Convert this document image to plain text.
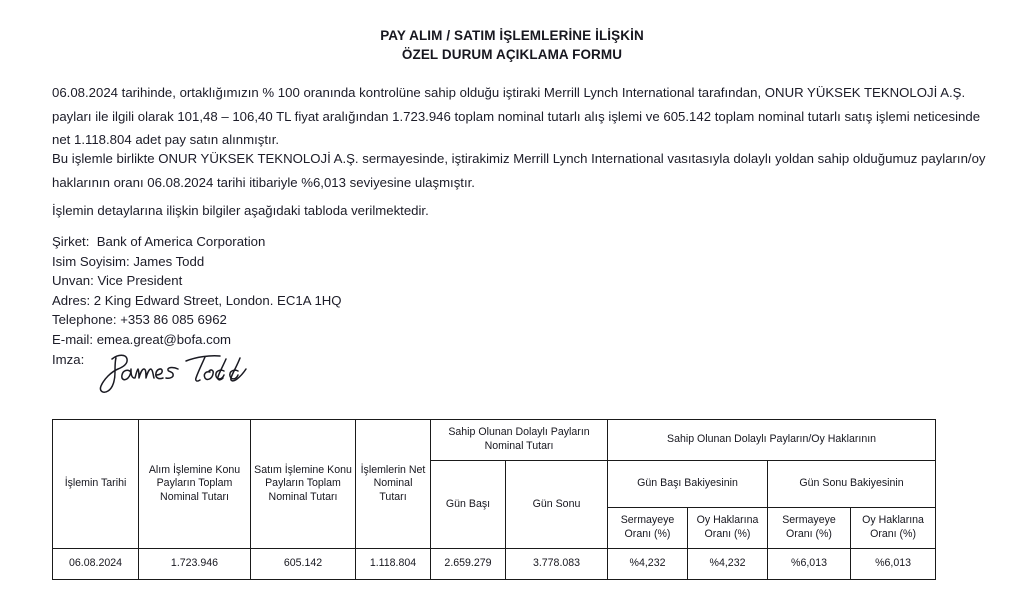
PAY ALIM / SATIM İŞLEMLERİNE İLİŞKİN
ÖZEL DURUM AÇIKLAMA FORMU
06.08.2024 tarihinde, ortaklığımızın % 100 oranında kontrolüne sahip olduğu iştiraki Merrill Lynch International tarafından, ONUR YÜKSEK TEKNOLOJİ A.Ş. payları ile ilgili olarak 101,48 – 106,40 TL fiyat aralığından 1.723.946 toplam nominal tutarlı alış işlemi ve 605.142 toplam nominal tutarlı satış işlemi neticesinde net 1.118.804 adet pay satın alınmıştır.
Bu işlemle birlikte ONUR YÜKSEK TEKNOLOJİ A.Ş. sermayesinde, iştirakimiz Merrill Lynch International vasıtasıyla dolaylı yoldan sahip olduğumuz payların/oy haklarının oranı 06.08.2024 tarihi itibariyle %6,013 seviyesine ulaşmıştır.
İşlemin detaylarına ilişkin bilgiler aşağıdaki tabloda verilmektedir.
Şirket:  Bank of America Corporation
Isim Soyisim: James Todd
Unvan: Vice President
Adres: 2 King Edward Street, London. EC1A 1HQ
Telephone: +353 86 085 6962
E-mail: emea.great@bofa.com
Imza:
İşlemin Tarihi	Alım İşlemine Konu Payların Toplam Nominal Tutarı	Satım İşlemine Konu Payların Toplam Nominal Tutarı	İşlemlerin Net Nominal Tutarı	Sahip Olunan Dolaylı Payların Nominal Tutarı		Sahip Olunan Dolaylı Payların/Oy Haklarının			
				Gün Başı	Gün Sonu	Gün Başı Bakiyesinin		Gün Sonu Bakiyesinin	
						Sermayeye Oranı (%)	Oy Haklarına Oranı (%)	Sermayeye Oranı (%)	Oy Haklarına Oranı (%)
06.08.2024	1.723.946	605.142	1.118.804	2.659.279	3.778.083	%4,232	%4,232	%6,013	%6,013
